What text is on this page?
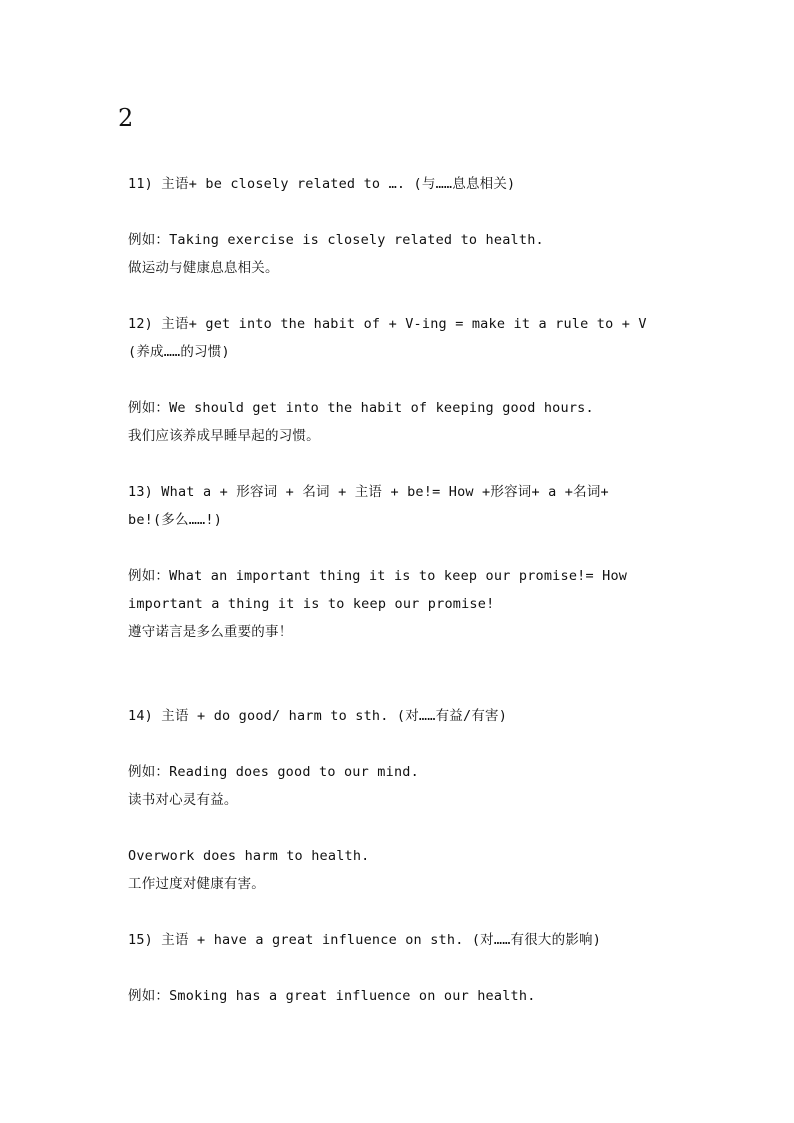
2
11) 主语+ be closely related to …. (与……息息相关)
例如：Taking exercise is closely related to health.
做运动与健康息息相关。
12) 主语+ get into the habit of + V-ing = make it a rule to + V
(养成……的习惯)
例如：We should get into the habit of keeping good hours.
我们应该养成早睡早起的习惯。
13) What a + 形容词 + 名词 + 主语 + be!= How +形容词+ a +名词+
be!(多么……!)
例如：What an important thing it is to keep our promise!= How
important a thing it is to keep our promise!
遵守诺言是多么重要的事！
14) 主语 + do good/ harm to sth. (对……有益/有害)
例如：Reading does good to our mind.
读书对心灵有益。
Overwork does harm to health.
工作过度对健康有害。
15) 主语 + have a great influence on sth. (对……有很大的影响)
例如：Smoking has a great influence on our health.
